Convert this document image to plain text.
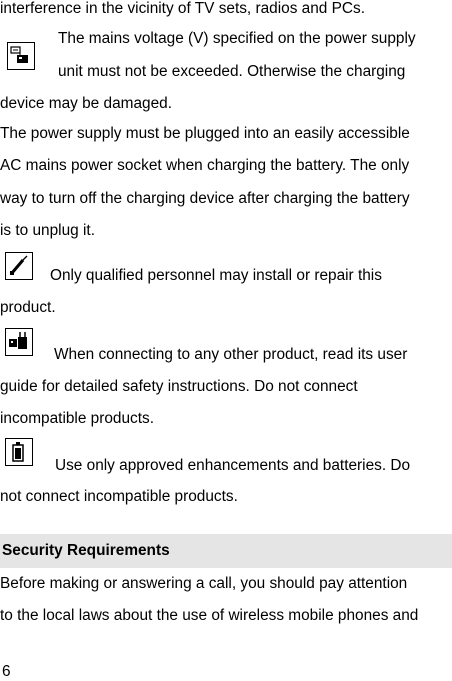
interference in the vicinity of TV sets, radios and PCs.
The mains voltage (V) specified on the power supply
unit must not be exceeded. Otherwise the charging
device may be damaged.
The power supply must be plugged into an easily accessible
AC mains power socket when charging the battery. The only
way to turn off the charging device after charging the battery
is to unplug it.
Only qualified personnel may install or repair this
product.
When connecting to any other product, read its user
guide for detailed safety instructions. Do not connect
incompatible products.
Use only approved enhancements and batteries. Do
not connect incompatible products.
Security Requirements
Before making or answering a call, you should pay attention
to the local laws about the use of wireless mobile phones and
6
